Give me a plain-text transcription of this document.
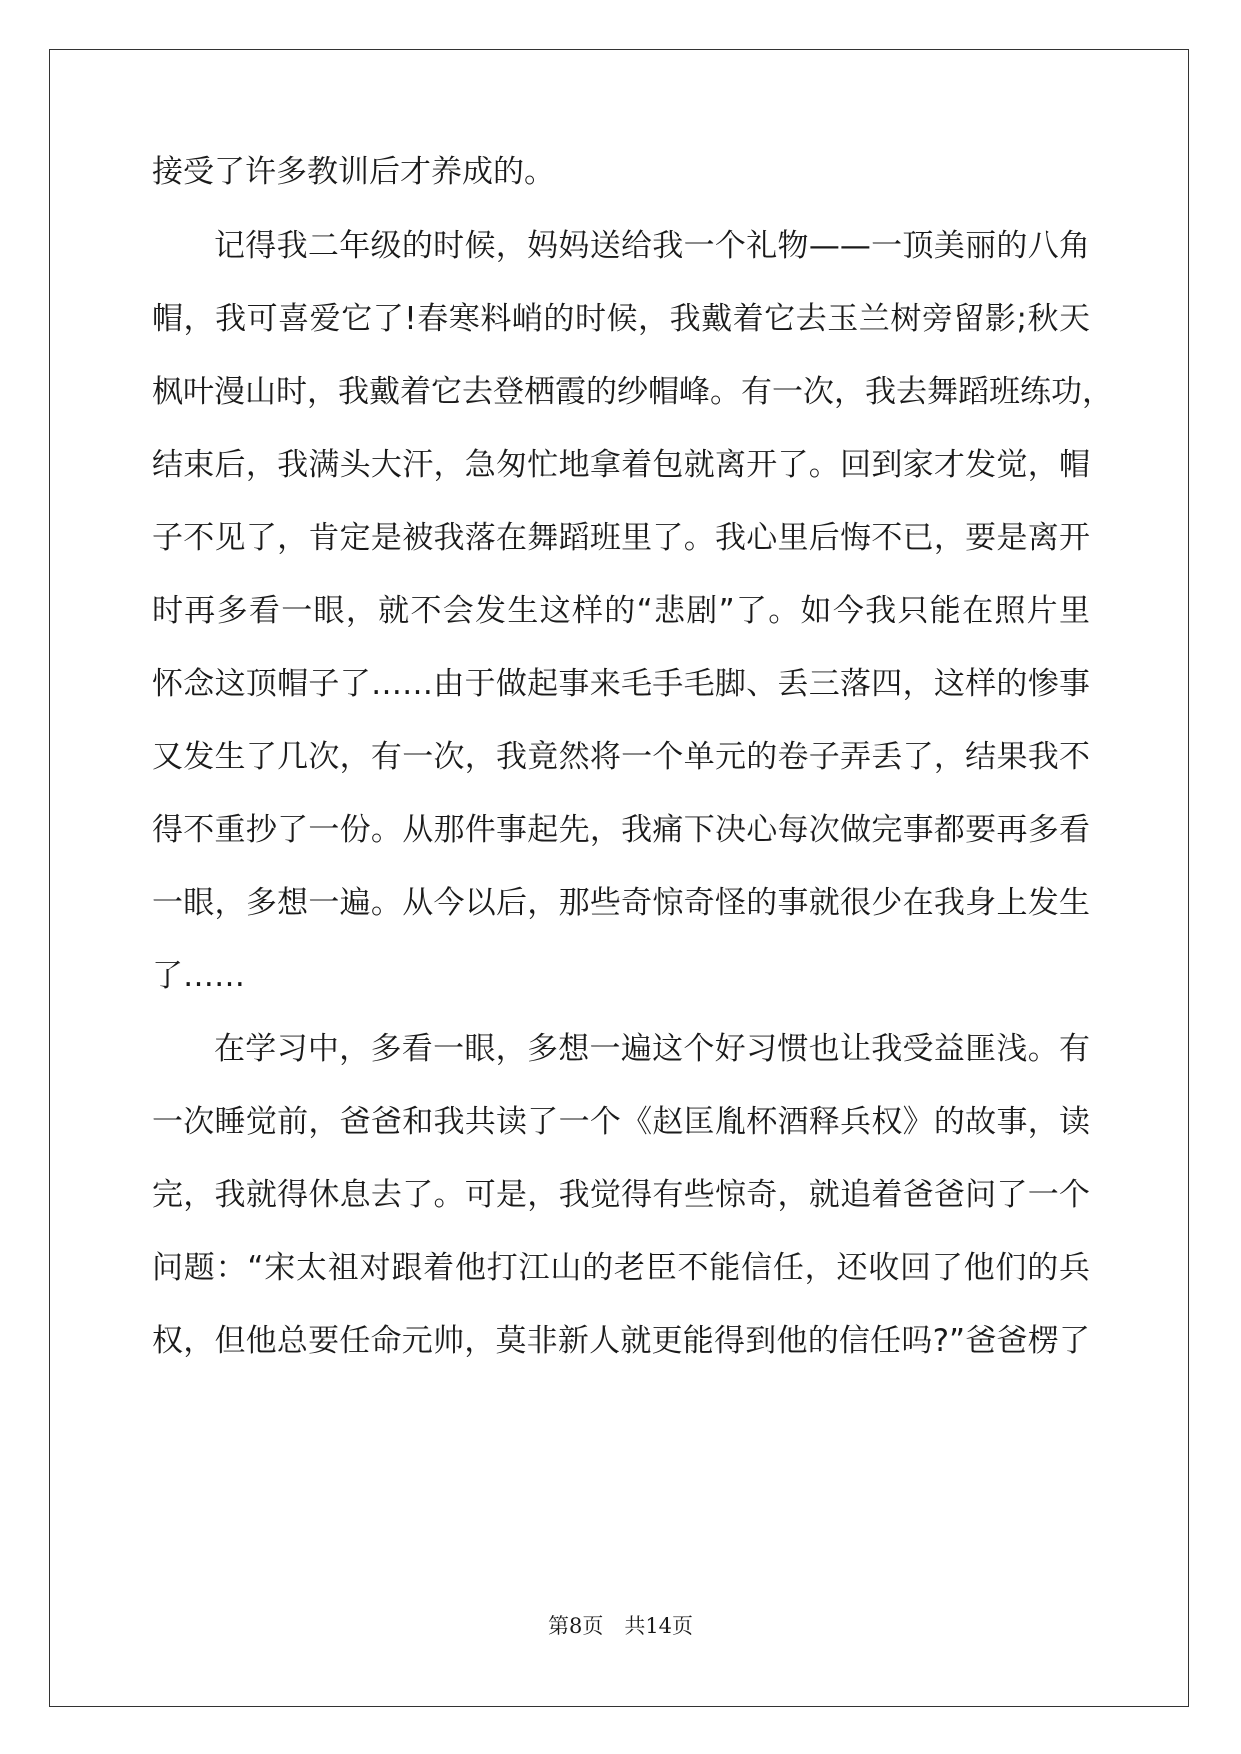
接受了许多教训后才养成的。
记得我二年级的时候，妈妈送给我一个礼物——一顶美丽的八角
帽，我可喜爱它了!春寒料峭的时候，我戴着它去玉兰树旁留影;秋天
枫叶漫山时，我戴着它去登栖霞的纱帽峰。有一次，我去舞蹈班练功，
结束后，我满头大汗，急匆忙地拿着包就离开了。回到家才发觉，帽
子不见了，肯定是被我落在舞蹈班里了。我心里后悔不已，要是离开
时再多看一眼，就不会发生这样的“悲剧”了。如今我只能在照片里
怀念这顶帽子了……由于做起事来毛手毛脚、丢三落四，这样的惨事
又发生了几次，有一次，我竟然将一个单元的卷子弄丢了，结果我不
得不重抄了一份。从那件事起先，我痛下决心每次做完事都要再多看
一眼，多想一遍。从今以后，那些奇惊奇怪的事就很少在我身上发生
了……
在学习中，多看一眼，多想一遍这个好习惯也让我受益匪浅。有
一次睡觉前，爸爸和我共读了一个《赵匡胤杯酒释兵权》的故事，读
完，我就得休息去了。可是，我觉得有些惊奇，就追着爸爸问了一个
问题：“宋太祖对跟着他打江山的老臣不能信任，还收回了他们的兵
权，但他总要任命元帅，莫非新人就更能得到他的信任吗?”爸爸楞了
第8页　共14页
